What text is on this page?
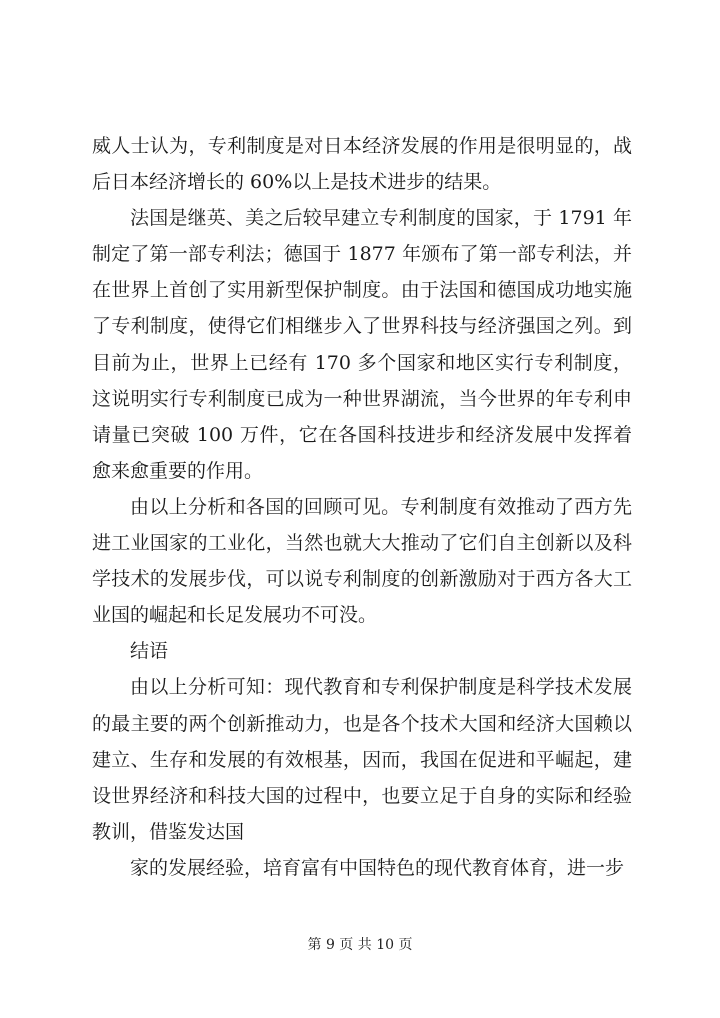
威人士认为，专利制度是对日本经济发展的作用是很明显的，战后日本经济增长的 60%以上是技术进步的结果。

法国是继英、美之后较早建立专利制度的国家，于 1791 年制定了第一部专利法；德国于 1877 年颁布了第一部专利法，并在世界上首创了实用新型保护制度。由于法国和德国成功地实施了专利制度，使得它们相继步入了世界科技与经济强国之列。到目前为止，世界上已经有 170 多个国家和地区实行专利制度，这说明实行专利制度已成为一种世界湖流，当今世界的年专利申请量已突破 100 万件，它在各国科技进步和经济发展中发挥着愈来愈重要的作用。

由以上分析和各国的回顾可见。专利制度有效推动了西方先进工业国家的工业化，当然也就大大推动了它们自主创新以及科学技术的发展步伐，可以说专利制度的创新激励对于西方各大工业国的崛起和长足发展功不可没。

结语

由以上分析可知：现代教育和专利保护制度是科学技术发展的最主要的两个创新推动力，也是各个技术大国和经济大国赖以建立、生存和发展的有效根基，因而，我国在促进和平崛起，建设世界经济和科技大国的过程中，也要立足于自身的实际和经验教训，借鉴发达国

家的发展经验，培育富有中国特色的现代教育体育，进一步

第 9 页 共 10 页
